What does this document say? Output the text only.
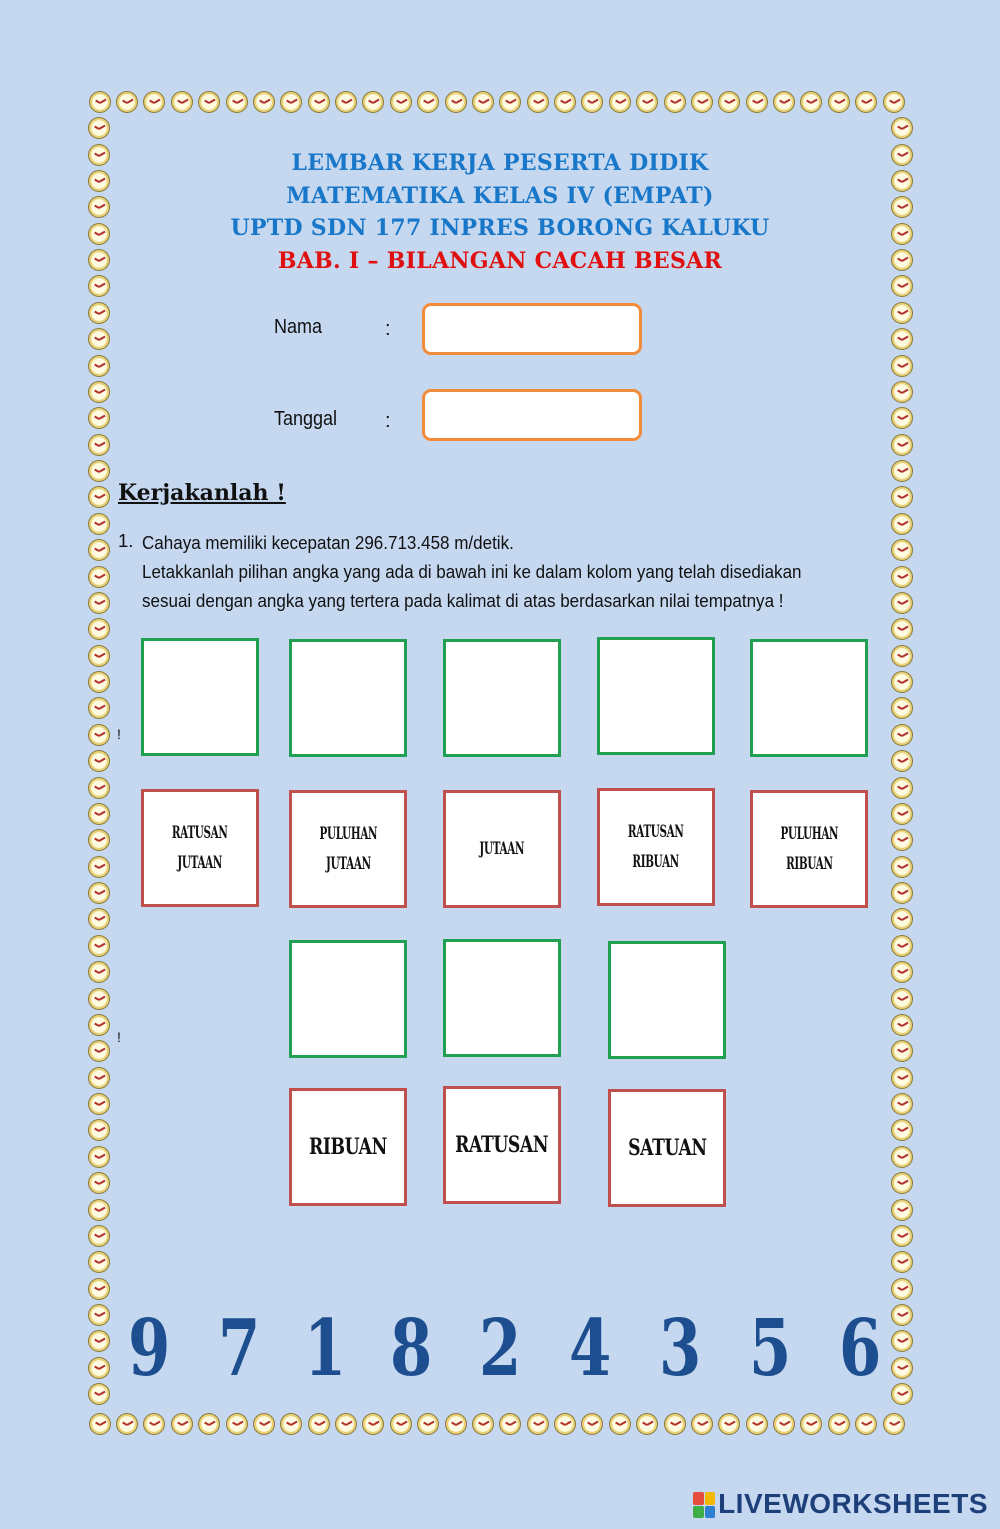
LEMBAR KERJA PESERTA DIDIK
MATEMATIKA KELAS IV (EMPAT)
UPTD SDN 177 INPRES BORONG KALUKU
BAB. I – BILANGAN CACAH BESAR
Nama	:
Tanggal :
Kerjakanlah !
1. Cahaya memiliki kecepatan 296.713.458 m/detik.
Letakkanlah pilihan angka yang ada di bawah ini ke dalam kolom yang telah disediakan
sesuai dengan angka yang tertera pada kalimat di atas berdasarkan nilai tempatnya !
!
RATUSAN
JUTAAN
PULUHAN
JUTAAN
JUTAAN
RATUSAN
RIBUAN
PULUHAN
RIBUAN
!
RIBUAN	RATUSAN	SATUAN
9 7 1 8 2 4 3 5 6
LIVEWORKSHEETS
